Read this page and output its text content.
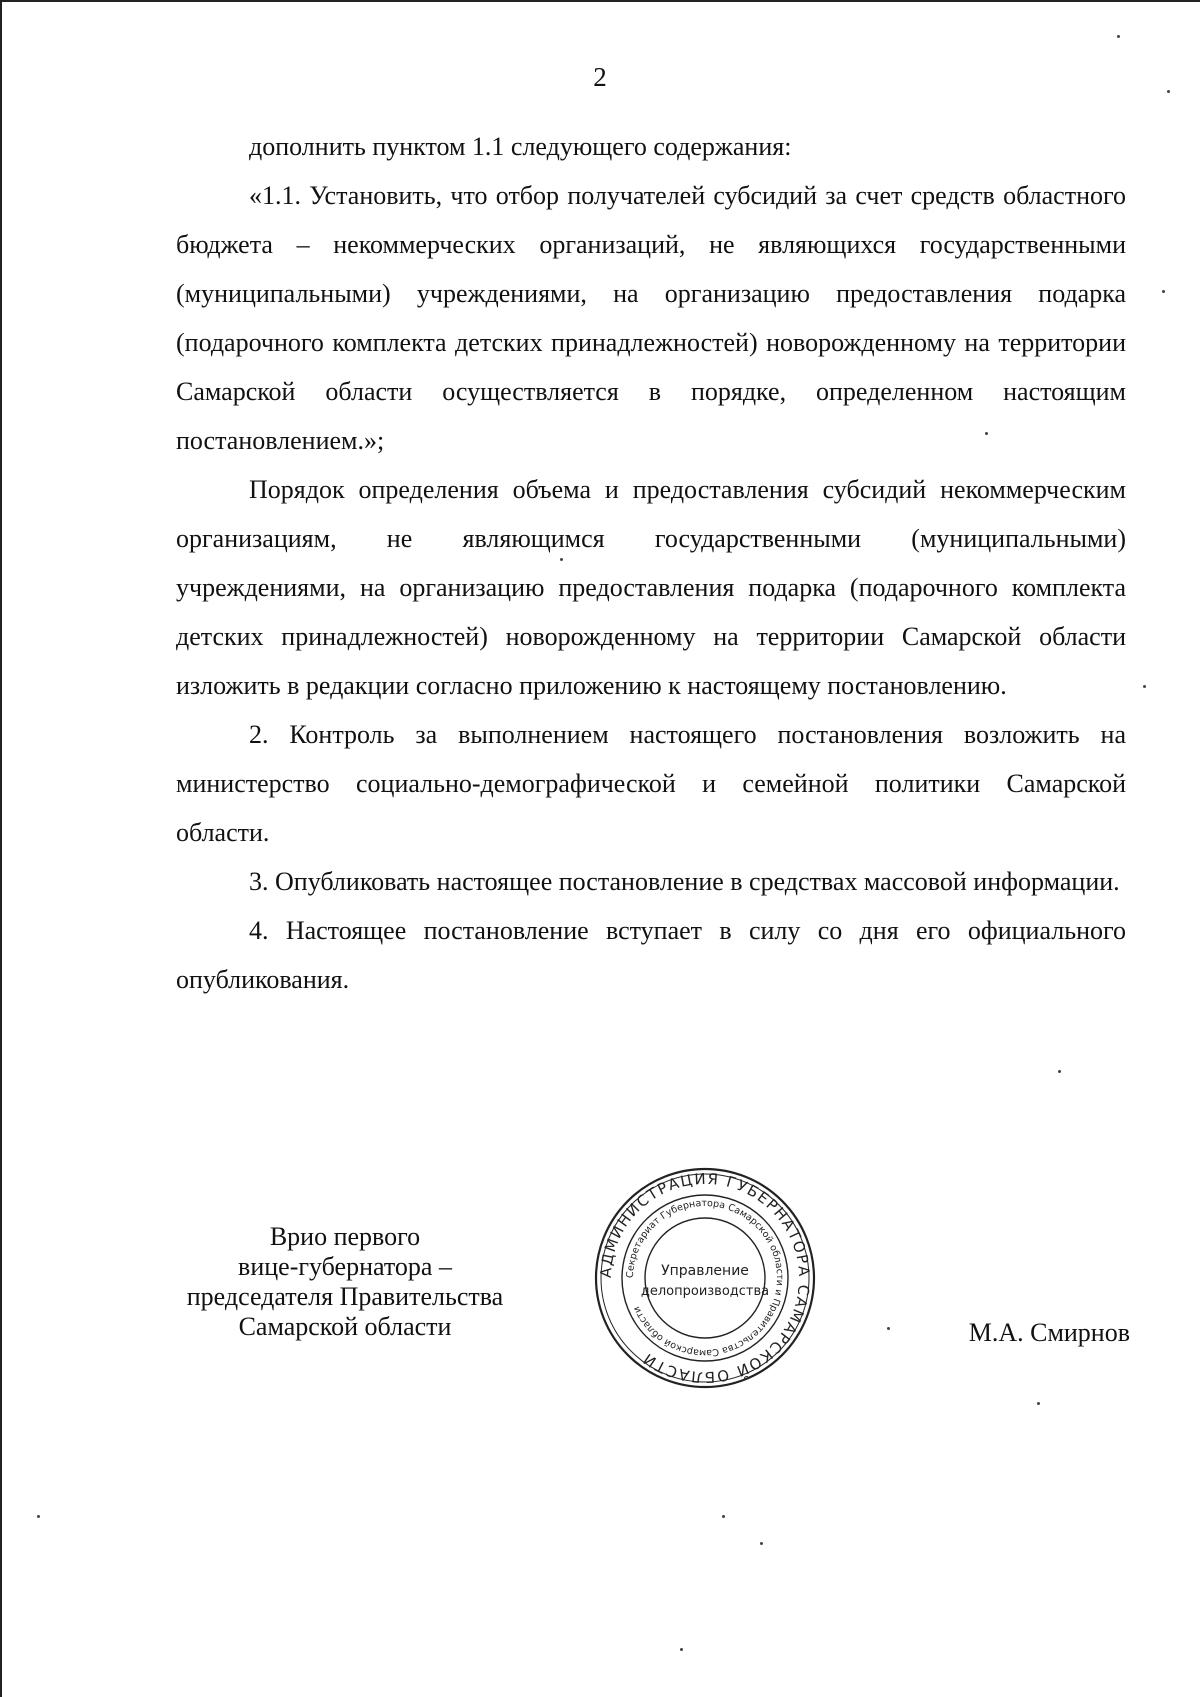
2

дополнить пунктом 1.1 следующего содержания:

«1.1. Установить, что отбор получателей субсидий за счет средств областного бюджета – некоммерческих организаций, не являющихся государственными (муниципальными) учреждениями, на организацию предоставления подарка (подарочного комплекта детских принадлежностей) новорожденному на территории Самарской области осуществляется в порядке, определенном настоящим постановлением.»;

Порядок определения объема и предоставления субсидий некоммерческим организациям, не являющимся государственными (муниципальными) учреждениями, на организацию предоставления подарка (подарочного комплекта детских принадлежностей) новорожденному на территории Самарской области изложить в редакции согласно приложению к настоящему постановлению.

2. Контроль за выполнением настоящего постановления возложить на министерство социально-демографической и семейной политики Самарской области.

3. Опубликовать настоящее постановление в средствах массовой информации.

4. Настоящее постановление вступает в силу со дня его официального опубликования.

Врио первого
вице-губернатора –
председателя Правительства
Самарской области
АДМИНИСТРАЦИЯ ГУБЕРНАТОРА САМАРСКОЙ ОБЛАСТИ
Секретариат Губернатора Самарской области и Правительства Самарской области
Управление
делопроизводства
М.А. Смирнов
